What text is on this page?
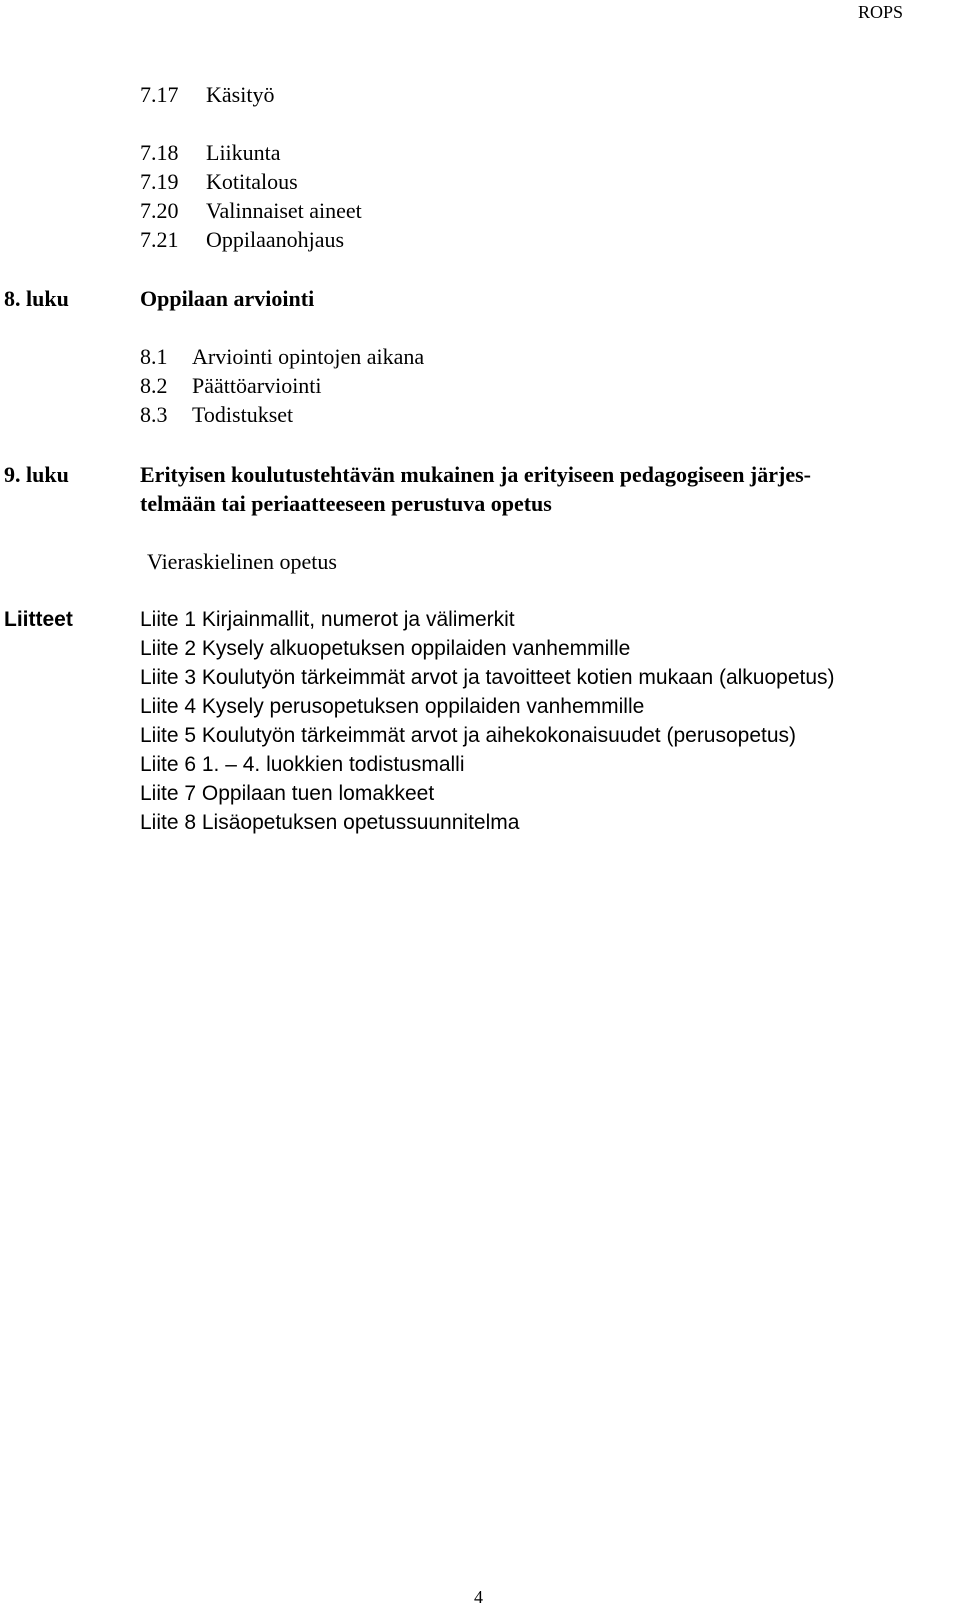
ROPS
7.17 Käsityö
7.18 Liikunta
7.19 Kotitalous
7.20 Valinnaiset aineet
7.21 Oppilaanohjaus
8. luku	Oppilaan arviointi
8.1 Arviointi opintojen aikana
8.2 Päättöarviointi
8.3 Todistukset
9. luku	Erityisen koulutustehtävän mukainen ja erityiseen pedagogiseen järjes-
telmään tai periaatteeseen perustuva opetus
Vieraskielinen opetus
Liitteet	Liite 1 Kirjainmallit, numerot ja välimerkit
Liite 2 Kysely alkuopetuksen oppilaiden vanhemmille
Liite 3 Koulutyön tärkeimmät arvot ja tavoitteet kotien mukaan (alkuopetus)
Liite 4 Kysely perusopetuksen oppilaiden vanhemmille
Liite 5 Koulutyön tärkeimmät arvot ja aihekokonaisuudet (perusopetus)
Liite 6 1. – 4. luokkien todistusmalli
Liite 7 Oppilaan tuen lomakkeet
Liite 8 Lisäopetuksen opetussuunnitelma
4
